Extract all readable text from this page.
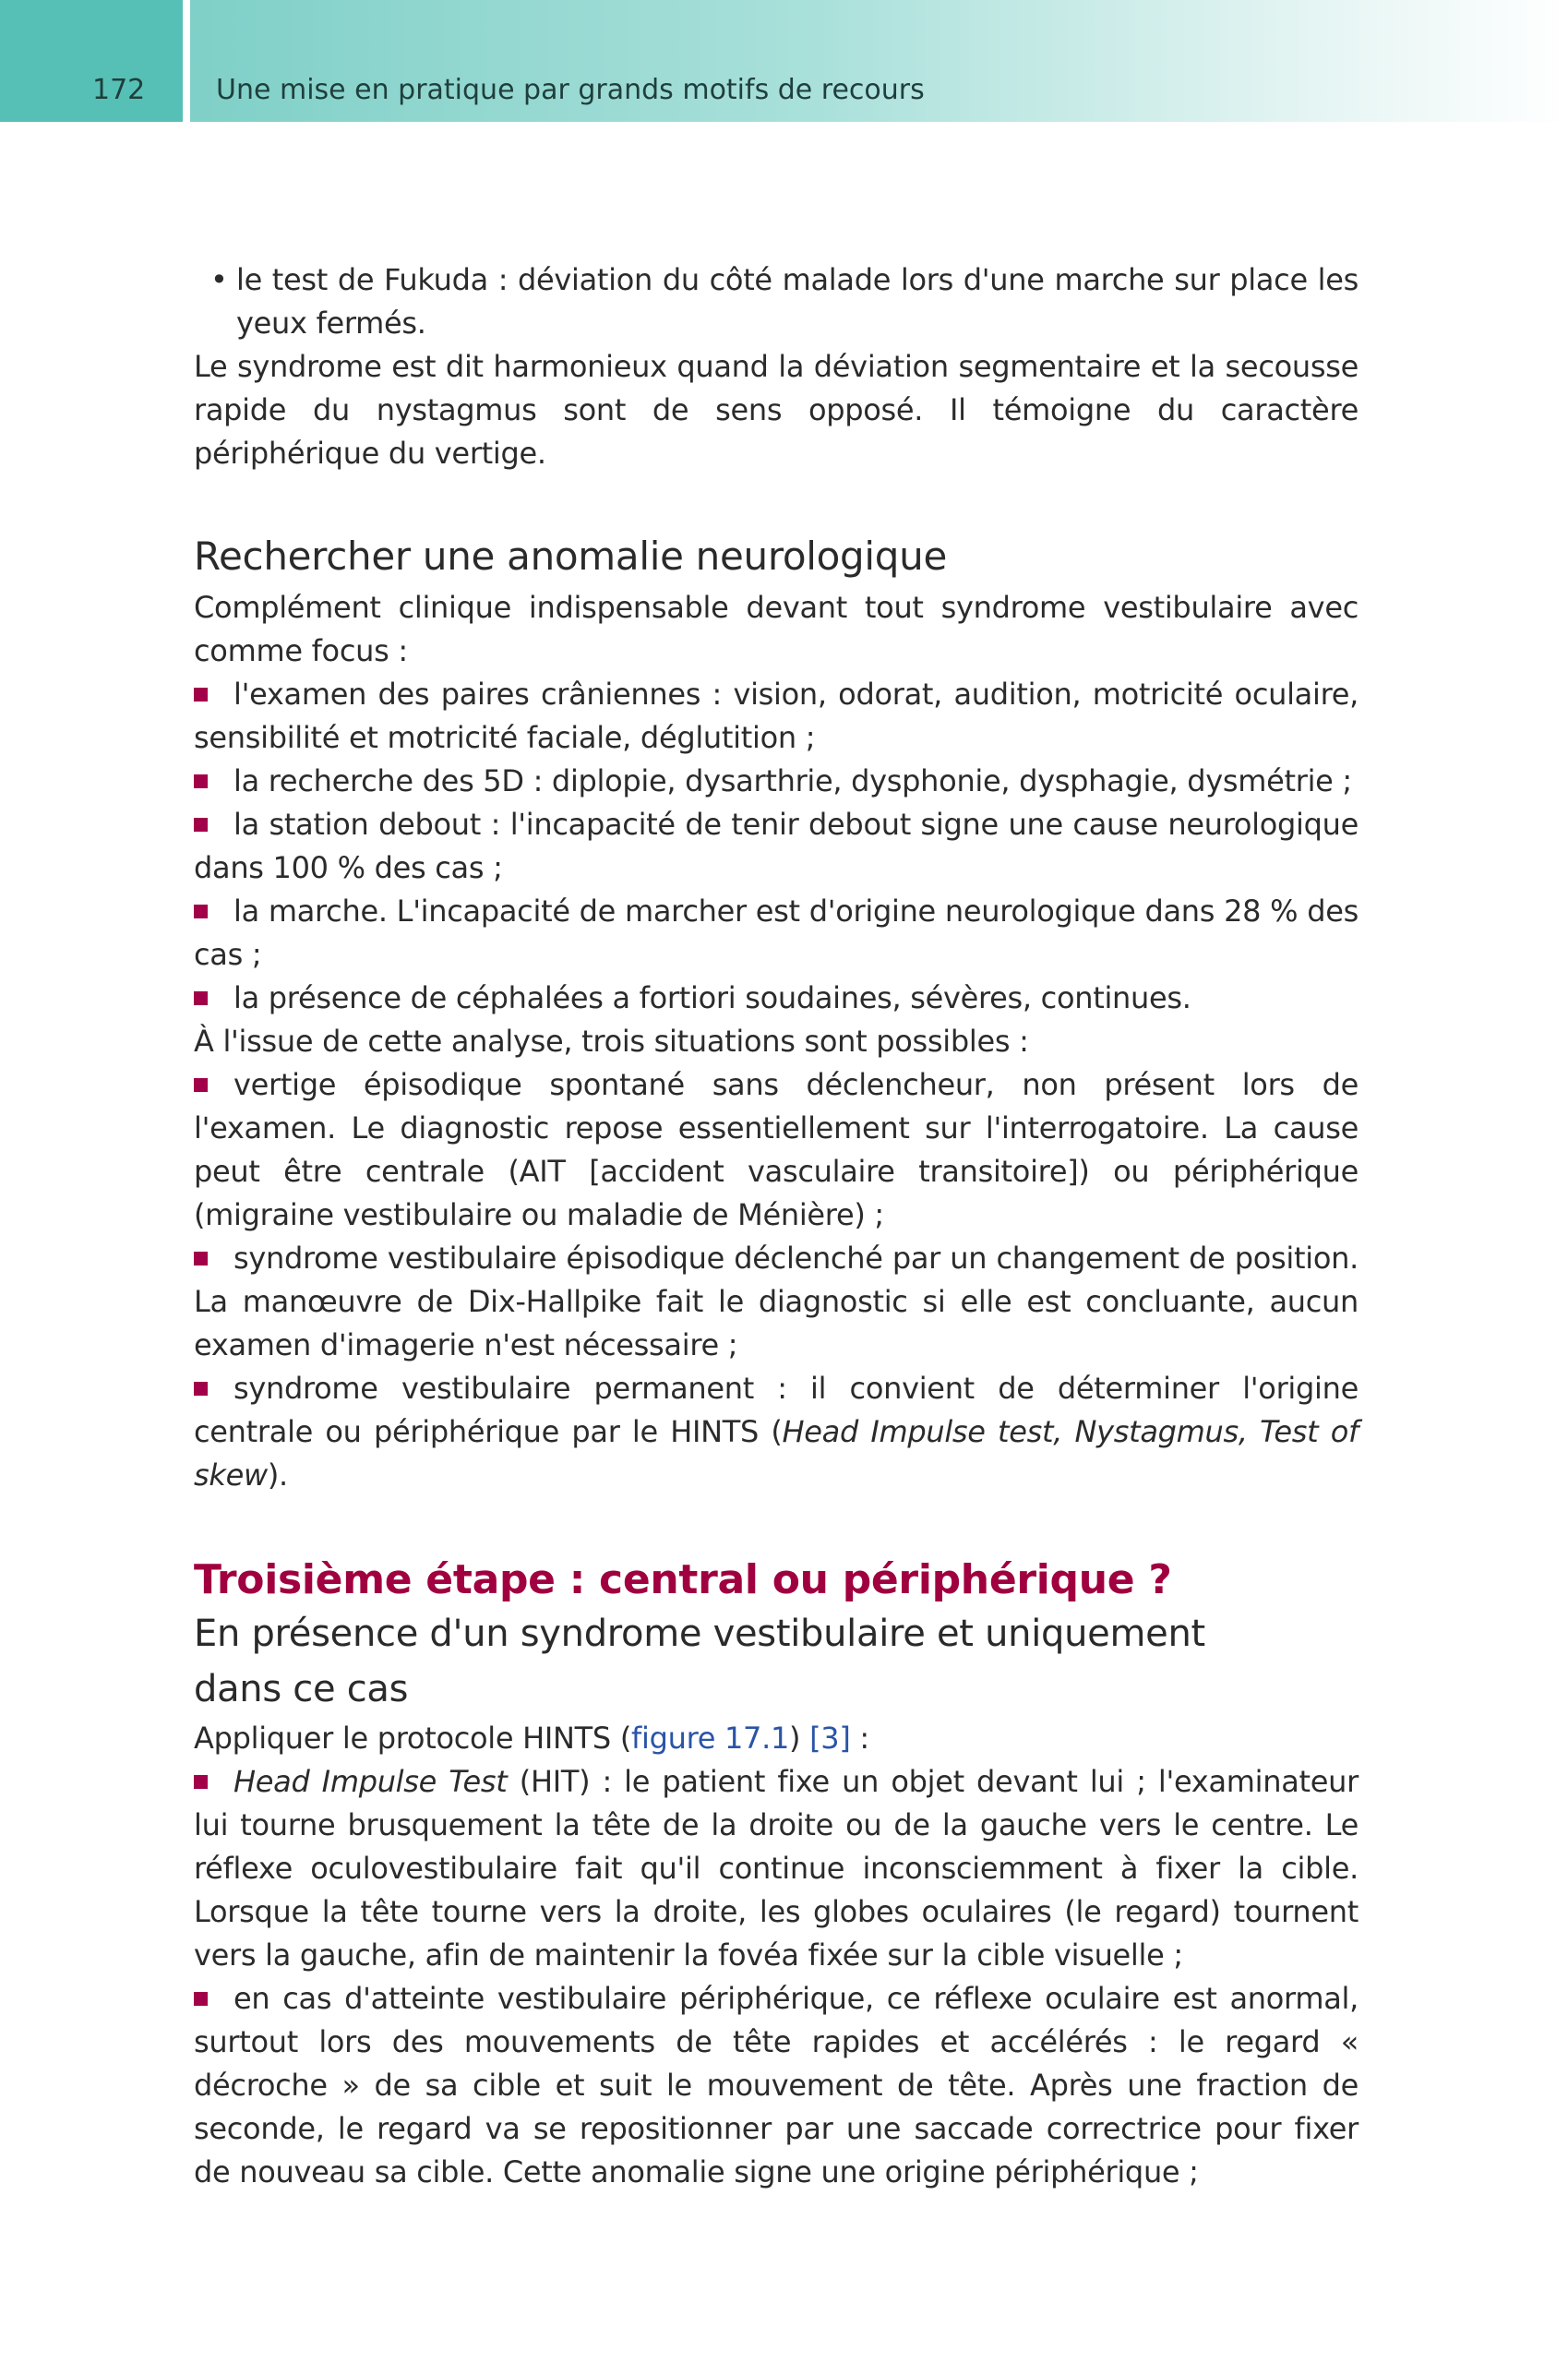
172	Une mise en pratique par grands motifs de recours

• le test de Fukuda : déviation du côté malade lors d'une marche sur place les yeux fermés.

Le syndrome est dit harmonieux quand la déviation segmentaire et la secousse rapide du nystagmus sont de sens opposé. Il témoigne du caractère périphérique du vertige.

Rechercher une anomalie neurologique

Complément clinique indispensable devant tout syndrome vestibulaire avec comme focus :

l'examen des paires crâniennes : vision, odorat, audition, motricité oculaire, sensibilité et motricité faciale, déglutition ;

la recherche des 5D : diplopie, dysarthrie, dysphonie, dysphagie, dysmétrie ;

la station debout : l'incapacité de tenir debout signe une cause neurologique dans 100 % des cas ;

la marche. L'incapacité de marcher est d'origine neurologique dans 28 % des cas ;

la présence de céphalées a fortiori soudaines, sévères, continues.

À l'issue de cette analyse, trois situations sont possibles :

vertige épisodique spontané sans déclencheur, non présent lors de l'examen. Le diagnostic repose essentiellement sur l'interrogatoire. La cause peut être centrale (AIT [accident vasculaire transitoire]) ou périphérique (migraine vestibulaire ou maladie de Ménière) ;

syndrome vestibulaire épisodique déclenché par un changement de position. La manœuvre de Dix-Hallpike fait le diagnostic si elle est concluante, aucun examen d'imagerie n'est nécessaire ;

syndrome vestibulaire permanent : il convient de déterminer l'origine centrale ou périphérique par le HINTS (Head Impulse test, Nystagmus, Test of skew).

Troisième étape : central ou périphérique ?
En présence d'un syndrome vestibulaire et uniquement dans ce cas

Appliquer le protocole HINTS (figure 17.1) [3] :

Head Impulse Test (HIT) : le patient fixe un objet devant lui ; l'examinateur lui tourne brusquement la tête de la droite ou de la gauche vers le centre. Le réflexe oculovestibulaire fait qu'il continue inconsciemment à fixer la cible. Lorsque la tête tourne vers la droite, les globes oculaires (le regard) tournent vers la gauche, afin de maintenir la fovéa fixée sur la cible visuelle ;

en cas d'atteinte vestibulaire périphérique, ce réflexe oculaire est anormal, surtout lors des mouvements de tête rapides et accélérés : le regard « décroche » de sa cible et suit le mouvement de tête. Après une fraction de seconde, le regard va se repositionner par une saccade correctrice pour fixer de nouveau sa cible. Cette anomalie signe une origine périphérique ;
